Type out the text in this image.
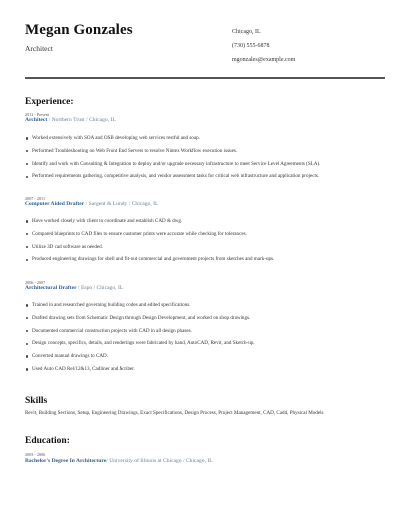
Megan Gonzales
Architect
Chicago, IL
(730) 555-6878
mgonzales@example.com
Experience:
2011 - Present
Architect / Northern Trust / Chicago, IL
Worked extensively with SOA and OSB developing web services restful and soap.
Performed Troubleshooting on Web Front End Servers to resolve Nintex Workflow execution issues.
Identify and work with Consulting & Integration to deploy and/or upgrade necessary infrastructure to meet Service Level Agreements (SLA).
Performed requirements gathering, competitive analysis, and vendor assessment tasks for critical web infrastructure and application projects.
2007 - 2011
Computer Aided Drafter / Sargent & Lundy / Chicago, IL
Have worked closely with client to coordinate and establish CAD & dwg.
Compared blueprints to CAD files to ensure customer prints were accurate while checking for tolerances.
Utilize 3D cad software as needed.
Produced engineering drawings for shell and fit-out commercial and government projects from sketches and mark-ups.
2006 - 2007
Architectural Drafter / Espo / Chicago, IL
Trained in and researched governing building codes and edited specifications.
Drafted drawing sets from Schematic Design through Design Development, and worked on shop drawings.
Documented commercial construction projects with CAD in all design phases.
Design concepts, specifics, details, and renderings were fabricated by hand, AutoCAD, Revit, and Sketch-up.
Converted manual drawings to CAD.
Used Auto CAD Rel/12&13, Cadliner and $criber.
Skills
Revit, Building Sections, Setup, Engineering Drawings, Exact Specifications, Design Process, Project Management, CAD, Cadd, Physical Models
Education:
2003 - 2006
Bachelor's Degree In Architecture/ University of Illinois at Chicago / Chicago, IL
